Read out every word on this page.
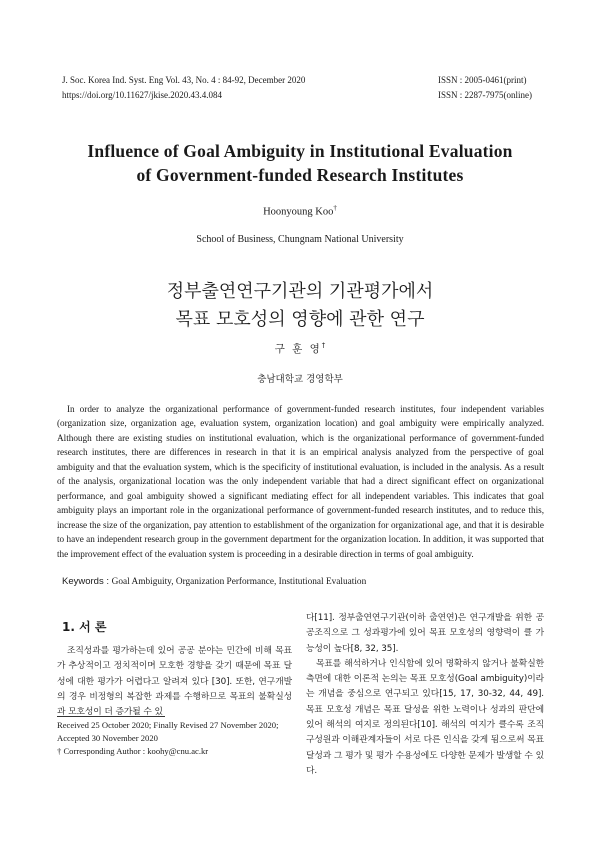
J. Soc. Korea Ind. Syst. Eng Vol. 43, No. 4 : 84-92, December 2020
https://doi.org/10.11627/jkise.2020.43.4.084
ISSN : 2005-0461(print)
ISSN : 2287-7975(online)
Influence of Goal Ambiguity in Institutional Evaluation
of Government-funded Research Institutes
Hoonyoung Koo†
School of Business, Chungnam National University
정부출연연구기관의 기관평가에서
목표 모호성의 영향에 관한 연구
구 훈 영†
충남대학교 경영학부
In order to analyze the organizational performance of government-funded research institutes, four independent variables (organization size, organization age, evaluation system, organization location) and goal ambiguity were empirically analyzed. Although there are existing studies on institutional evaluation, which is the organizational performance of government-funded research institutes, there are differences in research in that it is an empirical analysis analyzed from the perspective of goal ambiguity and that the evaluation system, which is the specificity of institutional evaluation, is included in the analysis. As a result of the analysis, organizational location was the only independent variable that had a direct significant effect on organizational performance, and goal ambiguity showed a significant mediating effect for all independent variables. This indicates that goal ambiguity plays an important role in the organizational performance of government-funded research institutes, and to reduce this, increase the size of the organization, pay attention to establishment of the organization for organizational age, and that it is desirable to have an independent research group in the government department for the organization location. In addition, it was supported that the improvement effect of the evaluation system is proceeding in a desirable direction in terms of goal ambiguity.
Keywords : Goal Ambiguity, Organization Performance, Institutional Evaluation
1. 서 론
조직성과를 평가하는데 있어 공공 분야는 민간에 비해 목표가 추상적이고 정치적이며 모호한 경향을 갖기 때문에 목표 달성에 대한 평가가 어렵다고 알려져 있다 [30]. 또한, 연구개발의 경우 비정형의 복잡한 과제를 수행하므로 목표의 불확실성과 모호성이 더 증가될 수 있
Received 25 October 2020; Finally Revised 27 November 2020; Accepted 30 November 2020
† Corresponding Author : koohy@cnu.ac.kr

다[11]. 정부출연연구기관(이하 출연연)은 연구개발을 위한 공공조직으로 그 성과평가에 있어 목표 모호성의 영향력이 클 가능성이 높다[8, 32, 35].

목표를 해석하거나 인식함에 있어 명확하지 않거나 불확실한 측면에 대한 이론적 논의는 목표 모호성(Goal ambiguity)이라는 개념을 중심으로 연구되고 있다[15, 17, 30-32, 44, 49]. 목표 모호성 개념은 목표 달성을 위한 노력이나 성과의 판단에 있어 해석의 여지로 정의된다[10]. 해석의 여지가 클수록 조직 구성원과 이해관계자들이 서로 다른 인식을 갖게 됨으로써 목표 달성과 그 평가 및 평가 수용성에도 다양한 문제가 발생할 수 있다.
